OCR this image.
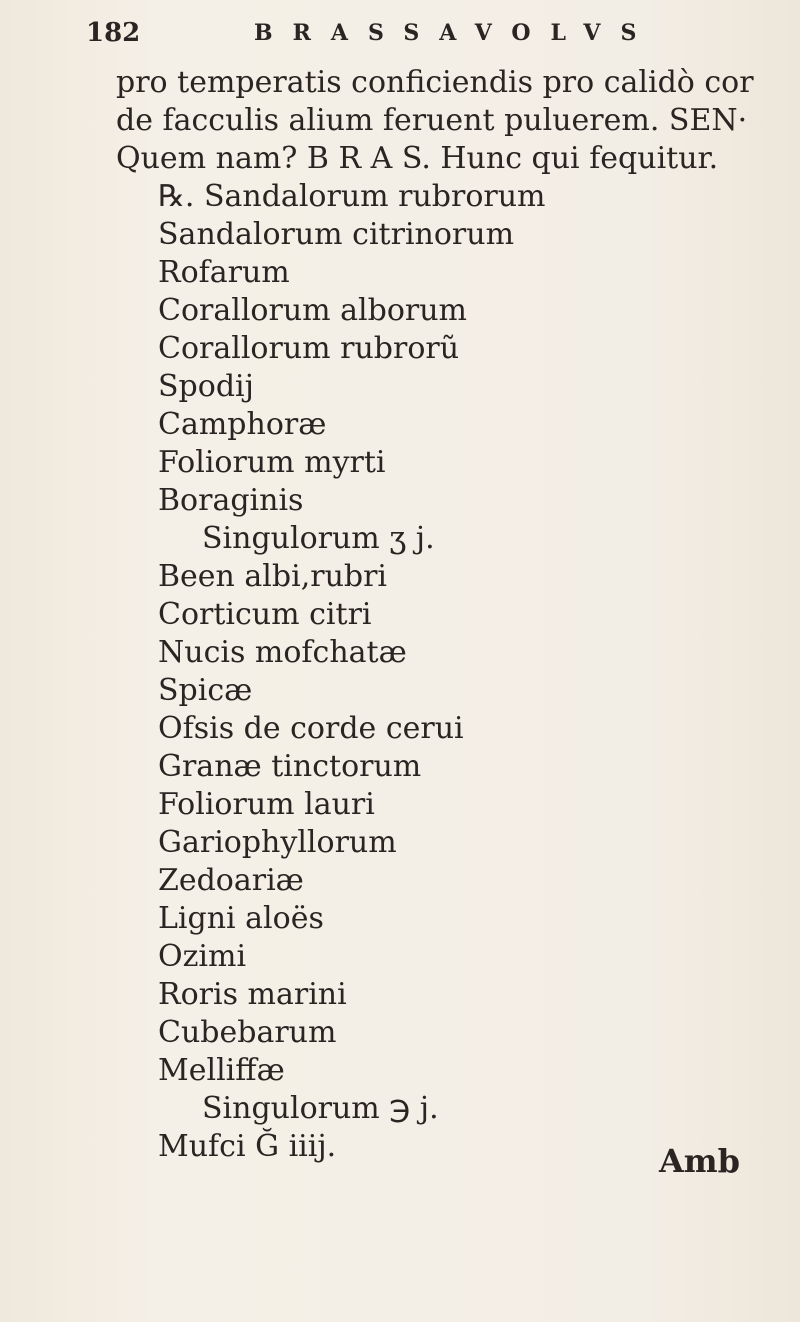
182	BRASSAVOLVS
pro temperatis conficiendis pro calidò cor
de facculis alium feruent puluerem. SEN·
Quem nam? B R A S. Hunc qui fequitur.
℞. Sandalorum rubrorum
Sandalorum citrinorum
Rofarum
Corallorum alborum
Corallorum rubrorũ
Spodij
Camphoræ
Foliorum myrti
Boraginis
Singulorum ʒ j.
Been albi,rubri
Corticum citri
Nucis mofchatæ
Spicæ
Ofsis de corde cerui
Granæ tinctorum
Foliorum lauri
Gariophyllorum
Zedoariæ
Ligni aloës
Ozimi
Roris marini
Cubebarum
Melliffæ
Singulorum ℈ j.
Mufci Ğ iiij.	Amb
